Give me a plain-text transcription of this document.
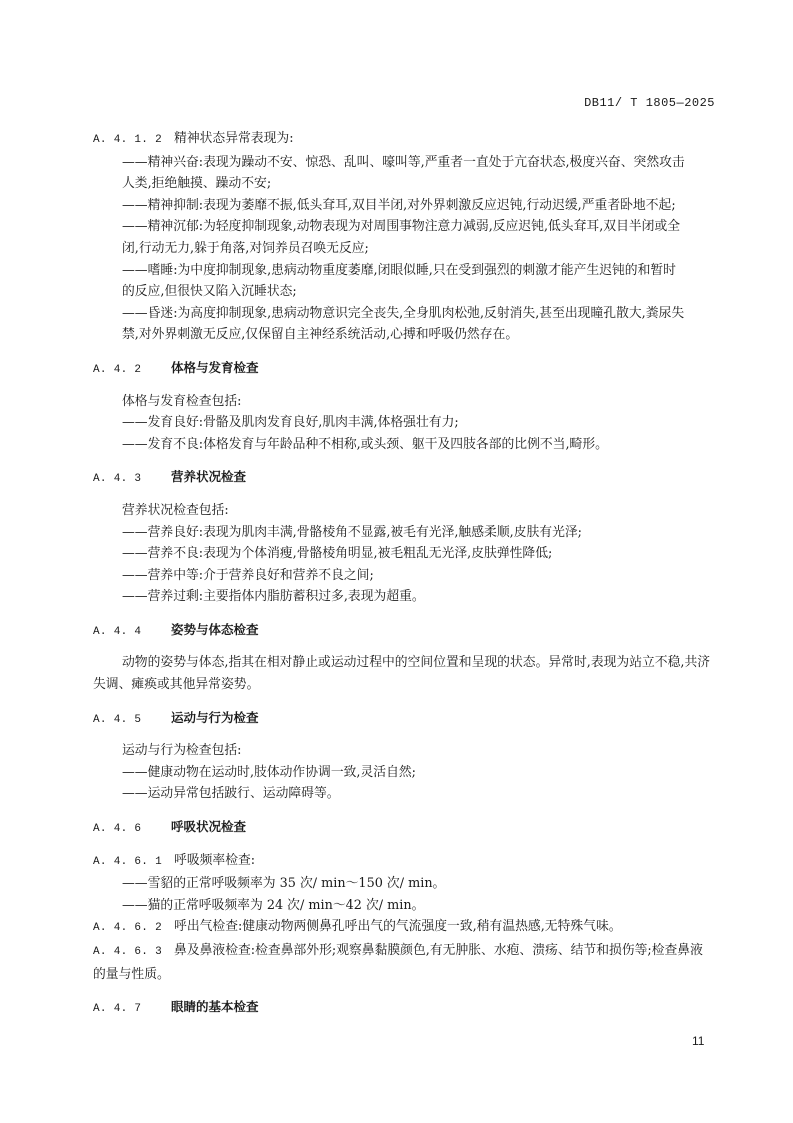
DB11/ T 1805—2025
A. 4. 1. 2 精神状态异常表现为:
——精神兴奋:表现为躁动不安、惊恐、乱叫、嚎叫等,严重者一直处于亢奋状态,极度兴奋、突然攻击人类,拒绝触摸、躁动不安;
——精神抑制:表现为萎靡不振,低头耷耳,双目半闭,对外界刺激反应迟钝,行动迟缓,严重者卧地不起;
——精神沉郁:为轻度抑制现象,动物表现为对周围事物注意力减弱,反应迟钝,低头耷耳,双目半闭或全闭,行动无力,躲于角落,对饲养员召唤无反应;
——嗜睡:为中度抑制现象,患病动物重度萎靡,闭眼似睡,只在受到强烈的刺激才能产生迟钝的和暂时的反应,但很快又陷入沉睡状态;
——昏迷:为高度抑制现象,患病动物意识完全丧失,全身肌肉松弛,反射消失,甚至出现瞳孔散大,粪尿失禁,对外界刺激无反应,仅保留自主神经系统活动,心搏和呼吸仍然存在。
A. 4. 2	体格与发育检查
体格与发育检查包括:
——发育良好:骨骼及肌肉发育良好,肌肉丰满,体格强壮有力;
——发育不良:体格发育与年龄品种不相称,或头颈、躯干及四肢各部的比例不当,畸形。
A. 4. 3	营养状况检查
营养状况检查包括:
——营养良好:表现为肌肉丰满,骨骼棱角不显露,被毛有光泽,触感柔顺,皮肤有光泽;
——营养不良:表现为个体消瘦,骨骼棱角明显,被毛粗乱无光泽,皮肤弹性降低;
——营养中等:介于营养良好和营养不良之间;
——营养过剩:主要指体内脂肪蓄积过多,表现为超重。
A. 4. 4	姿势与体态检查
动物的姿势与体态,指其在相对静止或运动过程中的空间位置和呈现的状态。异常时,表现为站立不稳,共济失调、瘫痪或其他异常姿势。
A. 4. 5	运动与行为检查
运动与行为检查包括:
——健康动物在运动时,肢体动作协调一致,灵活自然;
——运动异常包括跛行、运动障碍等。
A. 4. 6	呼吸状况检查
A. 4. 6. 1 呼吸频率检查:
——雪貂的正常呼吸频率为 35 次/ min～150 次/ min。
——猫的正常呼吸频率为 24 次/ min～42 次/ min。
A. 4. 6. 2 呼出气检查:健康动物两侧鼻孔呼出气的气流强度一致,稍有温热感,无特殊气味。
A. 4. 6. 3 鼻及鼻液检查:检查鼻部外形;观察鼻黏膜颜色,有无肿胀、水疱、溃疡、结节和损伤等;检查鼻液的量与性质。
A. 4. 7	眼睛的基本检查
11
